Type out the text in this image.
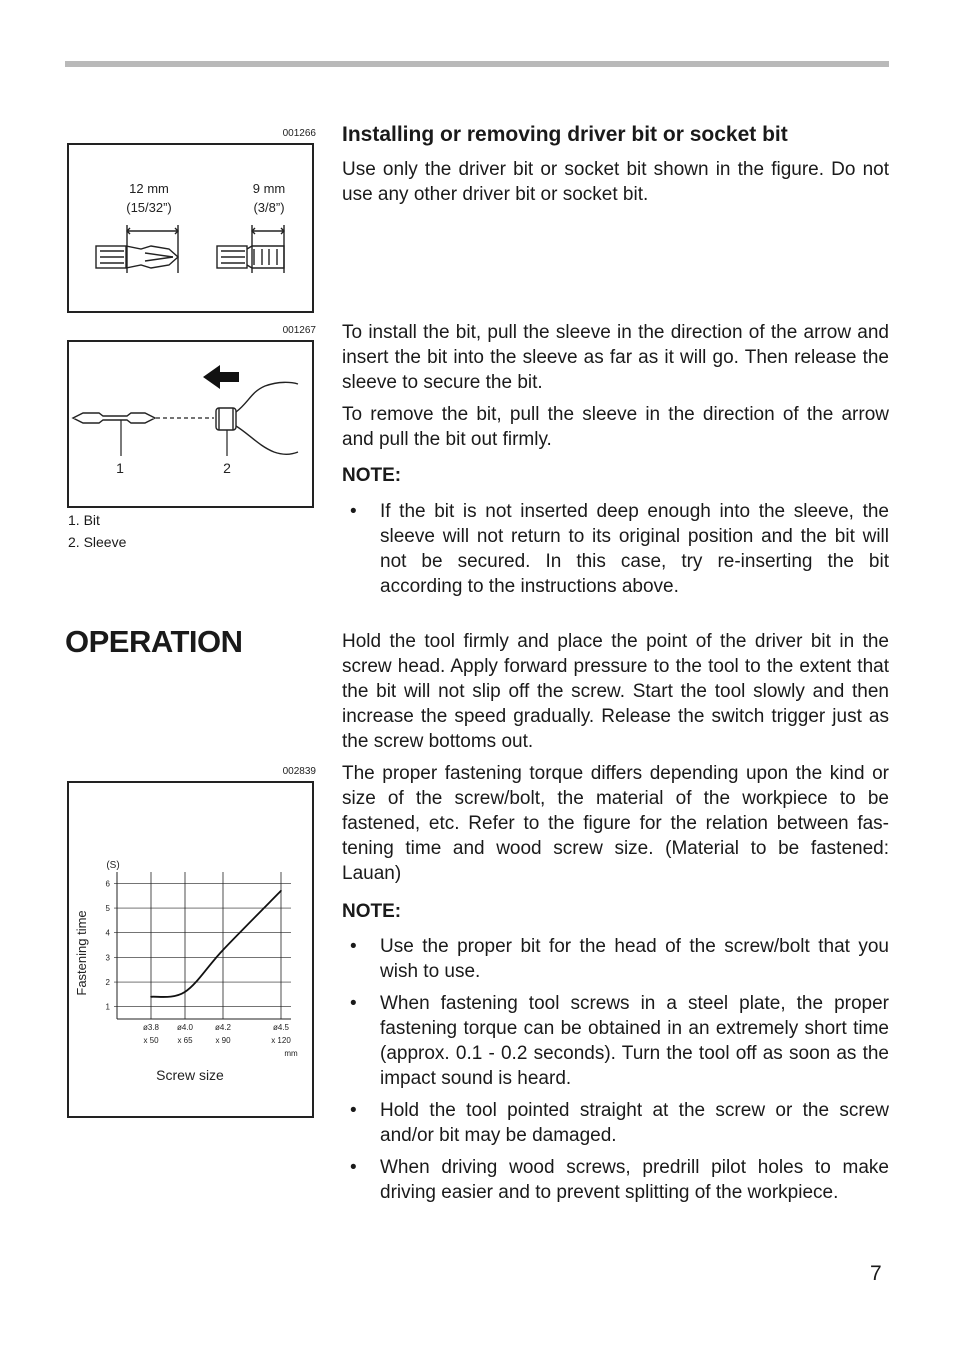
001266
12 mm
(15/32”)
9 mm
(3/8”)
001267
1	2
1. Bit
2. Sleeve
OPERATION
002839
(S)
Fastening time
Screw size
mm
1
2
3
4
5
6
ø3.8
x 50
ø4.0
x 65
ø4.2
x 90
ø4.5
x 120
Installing or removing driver bit or socket bit

Use only the driver bit or socket bit shown in the figure. Do not use any other driver bit or socket bit.

To install the bit, pull the sleeve in the direction of the arrow and insert the bit into the sleeve as far as it will go. Then release the sleeve to secure the bit.

To remove the bit, pull the sleeve in the direction of the arrow and pull the bit out firmly.

NOTE:

• If the bit is not inserted deep enough into the sleeve, the sleeve will not return to its original position and the bit will not be secured. In this case, try re-inserting the bit according to the instructions above.

Hold the tool firmly and place the point of the driver bit in the screw head. Apply forward pressure to the tool to the extent that the bit will not slip off the screw. Start the tool slowly and then increase the speed gradually. Release the switch trigger just as the screw bottoms out.

The proper fastening torque differs depending upon the kind or size of the screw/bolt, the material of the workpiece to be fastened, etc. Refer to the figure for the relation between fas-tening time and wood screw size. (Material to be fastened: Lauan)

NOTE:

• Use the proper bit for the head of the screw/bolt that you wish to use.
• When fastening tool screws in a steel plate, the proper fastening torque can be obtained in an extremely short time (approx. 0.1 - 0.2 seconds). Turn the tool off as soon as the impact sound is heard.
• Hold the tool pointed straight at the screw or the screw and/or bit may be damaged.
• When driving wood screws, predrill pilot holes to make driving easier and to prevent splitting of the workpiece.
7
